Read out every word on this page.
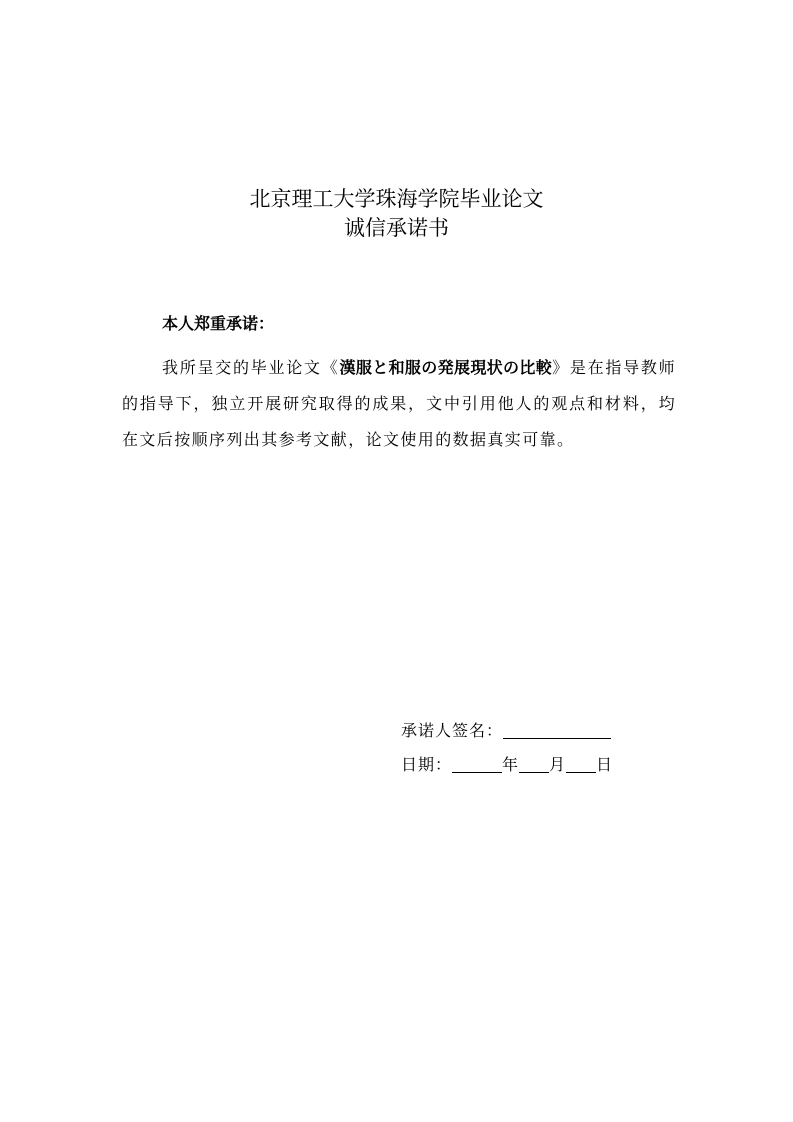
北京理工大学珠海学院毕业论文
诚信承诺书
本人郑重承诺：
我所呈交的毕业论文《漢服と和服の発展現状の比較》是在指导教师的指导下，独立开展研究取得的成果，文中引用他人的观点和材料，均在文后按顺序列出其参考文献，论文使用的数据真实可靠。
承诺人签名：
日期：	年 月 日
